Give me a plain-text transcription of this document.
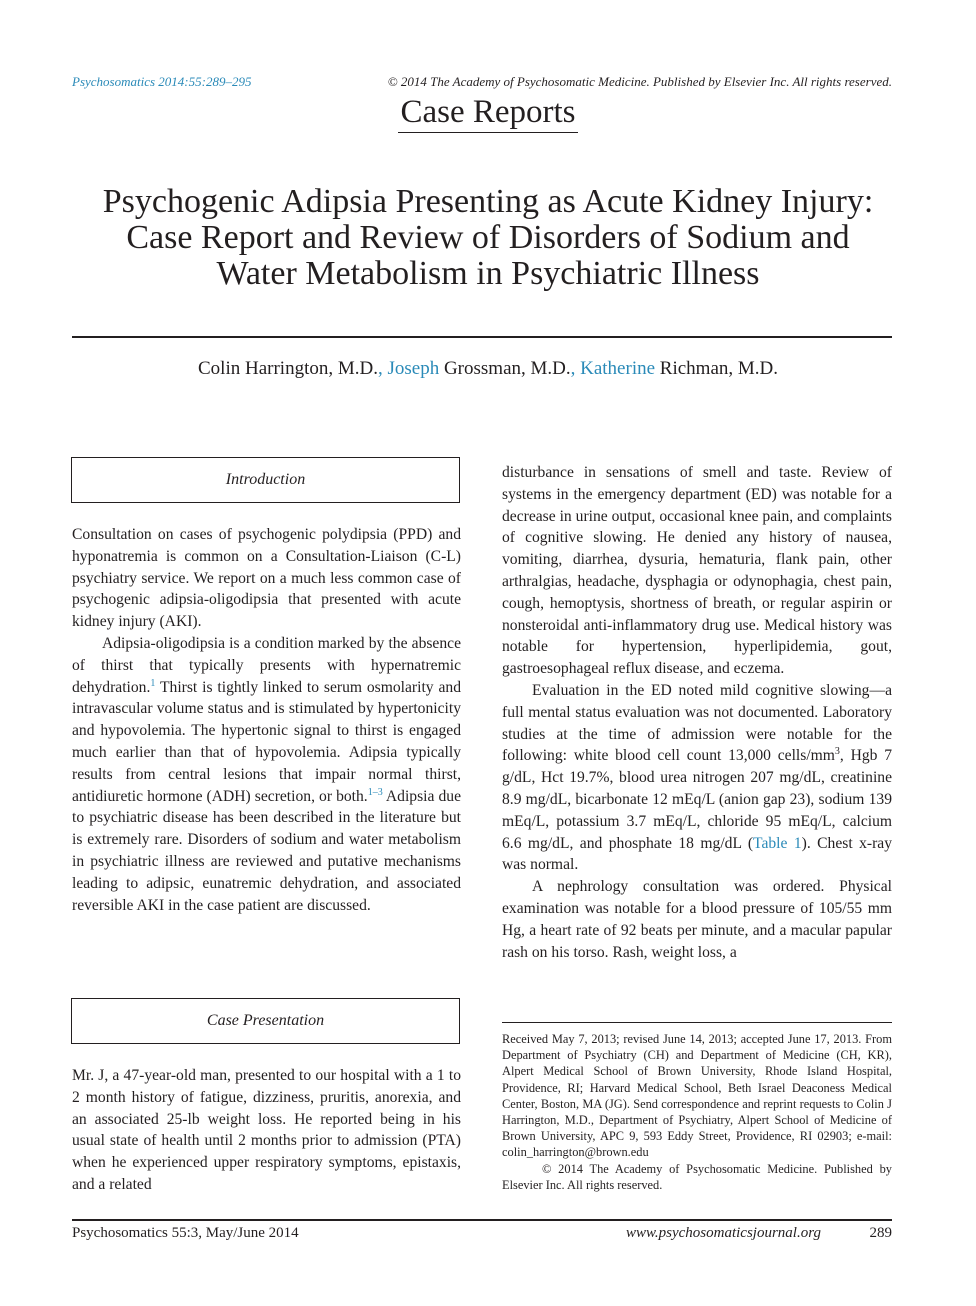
Psychosomatics 2014:55:289–295	© 2014 The Academy of Psychosomatic Medicine. Published by Elsevier Inc. All rights reserved.
Case Reports
Psychogenic Adipsia Presenting as Acute Kidney Injury:
Case Report and Review of Disorders of Sodium and
Water Metabolism in Psychiatric Illness
Colin Harrington, M.D., Joseph Grossman, M.D., Katherine Richman, M.D.
Introduction

Consultation on cases of psychogenic polydipsia (PPD) and hyponatremia is common on a Consultation-Liaison (C-L) psychiatry service. We report on a much less common case of psychogenic adipsia-oligodipsia that presented with acute kidney injury (AKI).

Adipsia-oligodipsia is a condition marked by the absence of thirst that typically presents with hypernatremic dehydration.$^1$ Thirst is tightly linked to serum osmolarity and intravascular volume status and is stimulated by hypertonicity and hypovolemia. The hypertonic signal to thirst is engaged much earlier than that of hypovolemia. Adipsia typically results from central lesions that impair normal thirst, antidiuretic hormone (ADH) secretion, or both.$^{1-3}$ Adipsia due to psychiatric disease has been described in the literature but is extremely rare. Disorders of sodium and water metabolism in psychiatric illness are reviewed and putative mechanisms leading to adipsic, eunatremic dehydration, and associated reversible AKI in the case patient are discussed.

Case Presentation

Mr. J, a 47-year-old man, presented to our hospital with a 1 to 2 month history of fatigue, dizziness, pruritis, anorexia, and an associated 25-lb weight loss. He reported being in his usual state of health until 2 months prior to admission (PTA) when he experienced upper respiratory symptoms, epistaxis, and a related

disturbance in sensations of smell and taste. Review of systems in the emergency department (ED) was notable for a decrease in urine output, occasional knee pain, and complaints of cognitive slowing. He denied any history of nausea, vomiting, diarrhea, dysuria, hematuria, flank pain, other arthralgias, headache, dysphagia or odynophagia, chest pain, cough, hemoptysis, shortness of breath, or regular aspirin or nonsteroidal anti-inflammatory drug use. Medical history was notable for hypertension, hyperlipidemia, gout, gastroesophageal reflux disease, and eczema.

Evaluation in the ED noted mild cognitive slowing—a full mental status evaluation was not documented. Laboratory studies at the time of admission were notable for the following: white blood cell count 13,000 cells/$mm^3$, Hgb 7 g/dL, Hct 19.7%, blood urea nitrogen 207 mg/dL, creatinine 8.9 mg/dL, bicarbonate 12 mEq/L (anion gap 23), sodium 139 mEq/L, potassium 3.7 mEq/L, chloride 95 mEq/L, calcium 6.6 mg/dL, and phosphate 18 mg/dL (Table 1). Chest x-ray was normal.

A nephrology consultation was ordered. Physical examination was notable for a blood pressure of 105/55 mm Hg, a heart rate of 92 beats per minute, and a macular papular rash on his torso. Rash, weight loss, a

Received May 7, 2013; revised June 14, 2013; accepted June 17, 2013. From Department of Psychiatry (CH) and Department of Medicine (CH, KR), Alpert Medical School of Brown University, Rhode Island Hospital, Providence, RI; Harvard Medical School, Beth Israel Deaconess Medical Center, Boston, MA (JG). Send correspondence and reprint requests to Colin J Harrington, M.D., Department of Psychiatry, Alpert School of Medicine of Brown University, APC 9, 593 Eddy Street, Providence, RI 02903; e-mail: colin_harrington@brown.edu

© 2014 The Academy of Psychosomatic Medicine. Published by Elsevier Inc. All rights reserved.

Psychosomatics 55:3, May/June 2014	www.psychosomaticsjournal.org	289
